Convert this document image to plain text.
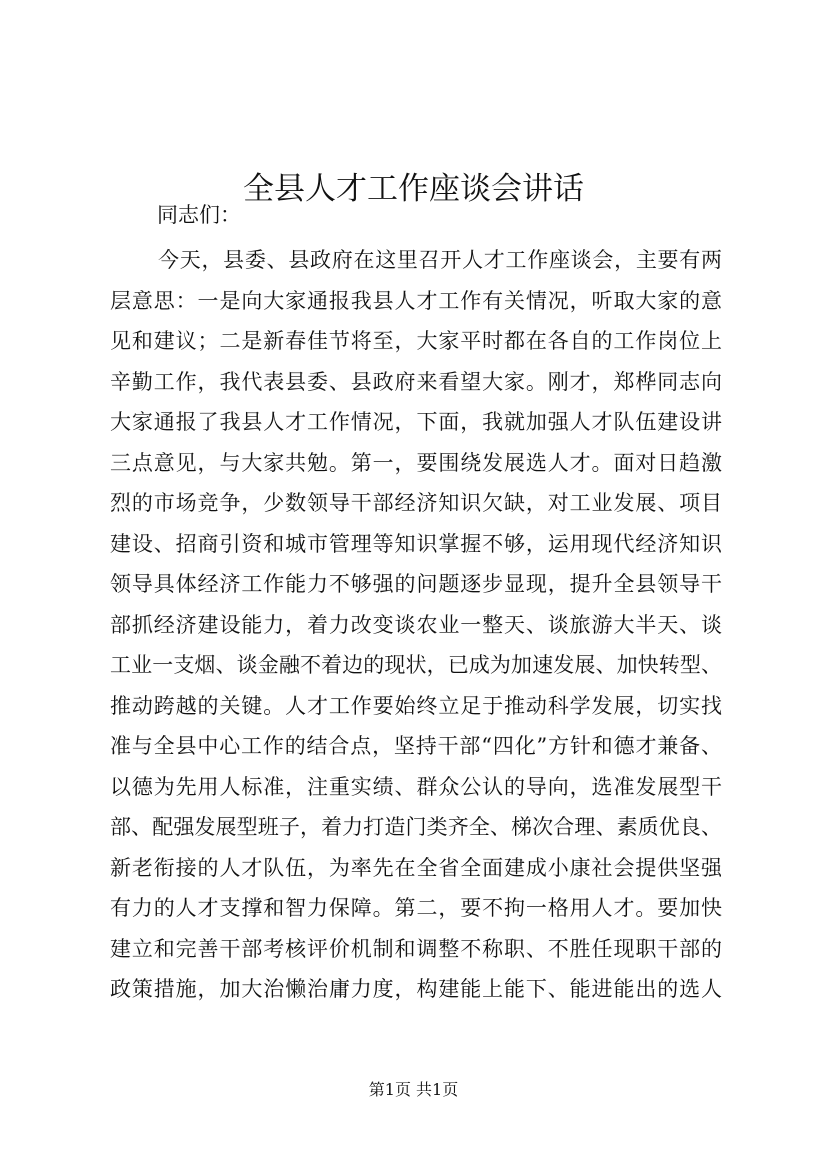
全县人才工作座谈会讲话
同志们：
今天，县委、县政府在这里召开人才工作座谈会，主要有两
层意思：一是向大家通报我县人才工作有关情况，听取大家的意
见和建议；二是新春佳节将至，大家平时都在各自的工作岗位上
辛勤工作，我代表县委、县政府来看望大家。刚才，郑桦同志向
大家通报了我县人才工作情况，下面，我就加强人才队伍建设讲
三点意见，与大家共勉。第一，要围绕发展选人才。面对日趋激
烈的市场竞争，少数领导干部经济知识欠缺，对工业发展、项目
建设、招商引资和城市管理等知识掌握不够，运用现代经济知识
领导具体经济工作能力不够强的问题逐步显现，提升全县领导干
部抓经济建设能力，着力改变谈农业一整天、谈旅游大半天、谈
工业一支烟、谈金融不着边的现状，已成为加速发展、加快转型、
推动跨越的关键。人才工作要始终立足于推动科学发展，切实找
准与全县中心工作的结合点，坚持干部“四化”方针和德才兼备、
以德为先用人标准，注重实绩、群众公认的导向，选准发展型干
部、配强发展型班子，着力打造门类齐全、梯次合理、素质优良、
新老衔接的人才队伍，为率先在全省全面建成小康社会提供坚强
有力的人才支撑和智力保障。第二，要不拘一格用人才。要加快
建立和完善干部考核评价机制和调整不称职、不胜任现职干部的
政策措施，加大治懒治庸力度，构建能上能下、能进能出的选人
第1页 共1页
